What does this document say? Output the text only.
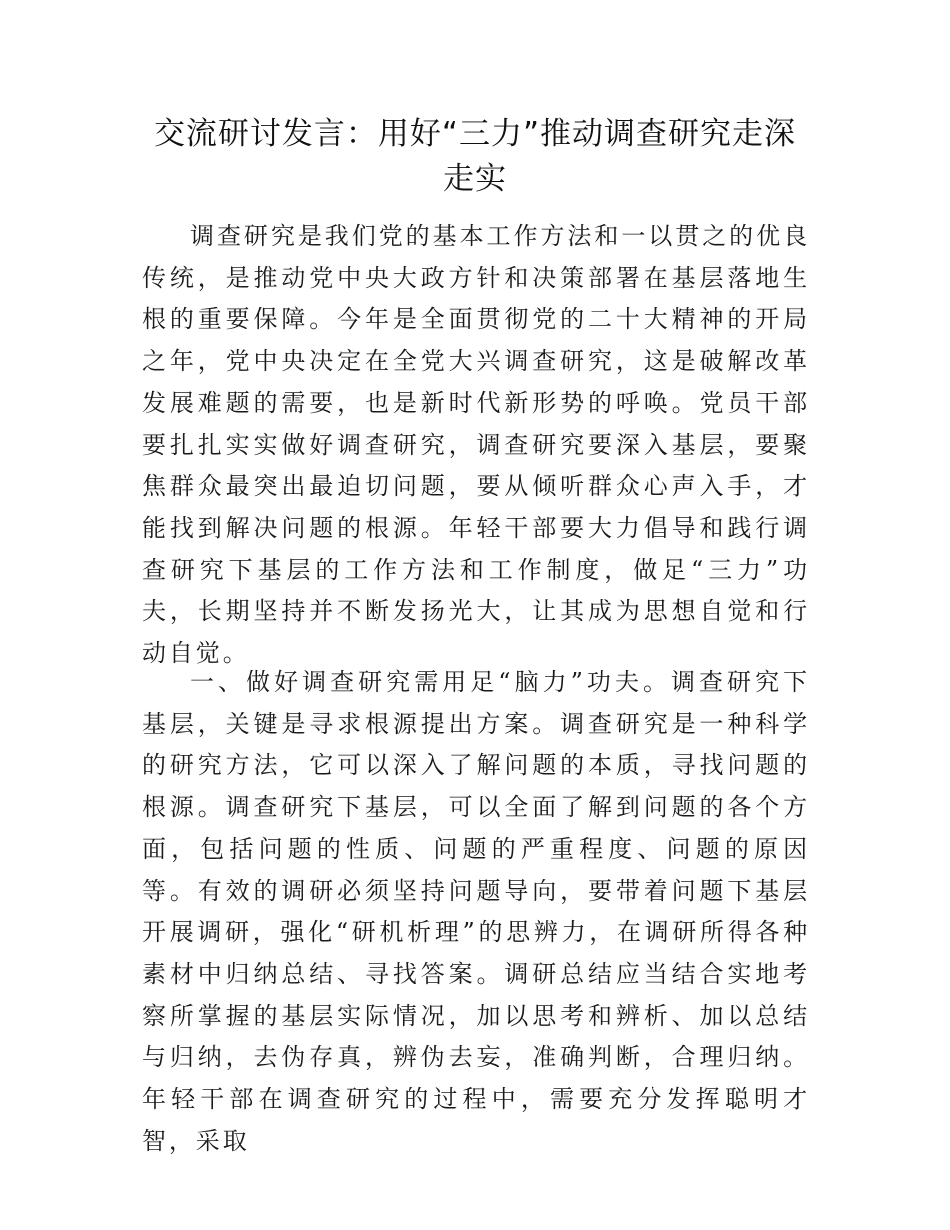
交流研讨发言：用好“三力”推动调查研究走深走实

调查研究是我们党的基本工作方法和一以贯之的优良传统，是推动党中央大政方针和决策部署在基层落地生根的重要保障。今年是全面贯彻党的二十大精神的开局之年，党中央决定在全党大兴调查研究，这是破解改革发展难题的需要，也是新时代新形势的呼唤。党员干部要扎扎实实做好调查研究，调查研究要深入基层，要聚焦群众最突出最迫切问题，要从倾听群众心声入手，才能找到解决问题的根源。年轻干部要大力倡导和践行调查研究下基层的工作方法和工作制度，做足“三力”功夫，长期坚持并不断发扬光大，让其成为思想自觉和行动自觉。

一、做好调查研究需用足“脑力”功夫。调查研究下基层，关键是寻求根源提出方案。调查研究是一种科学的研究方法，它可以深入了解问题的本质，寻找问题的根源。调查研究下基层，可以全面了解到问题的各个方面，包括问题的性质、问题的严重程度、问题的原因等。有效的调研必须坚持问题导向，要带着问题下基层开展调研，强化“研机析理”的思辨力，在调研所得各种素材中归纳总结、寻找答案。调研总结应当结合实地考察所掌握的基层实际情况，加以思考和辨析、加以总结与归纳，去伪存真，辨伪去妄，准确判断，合理归纳。年轻干部在调查研究的过程中，需要充分发挥聪明才智，采取
